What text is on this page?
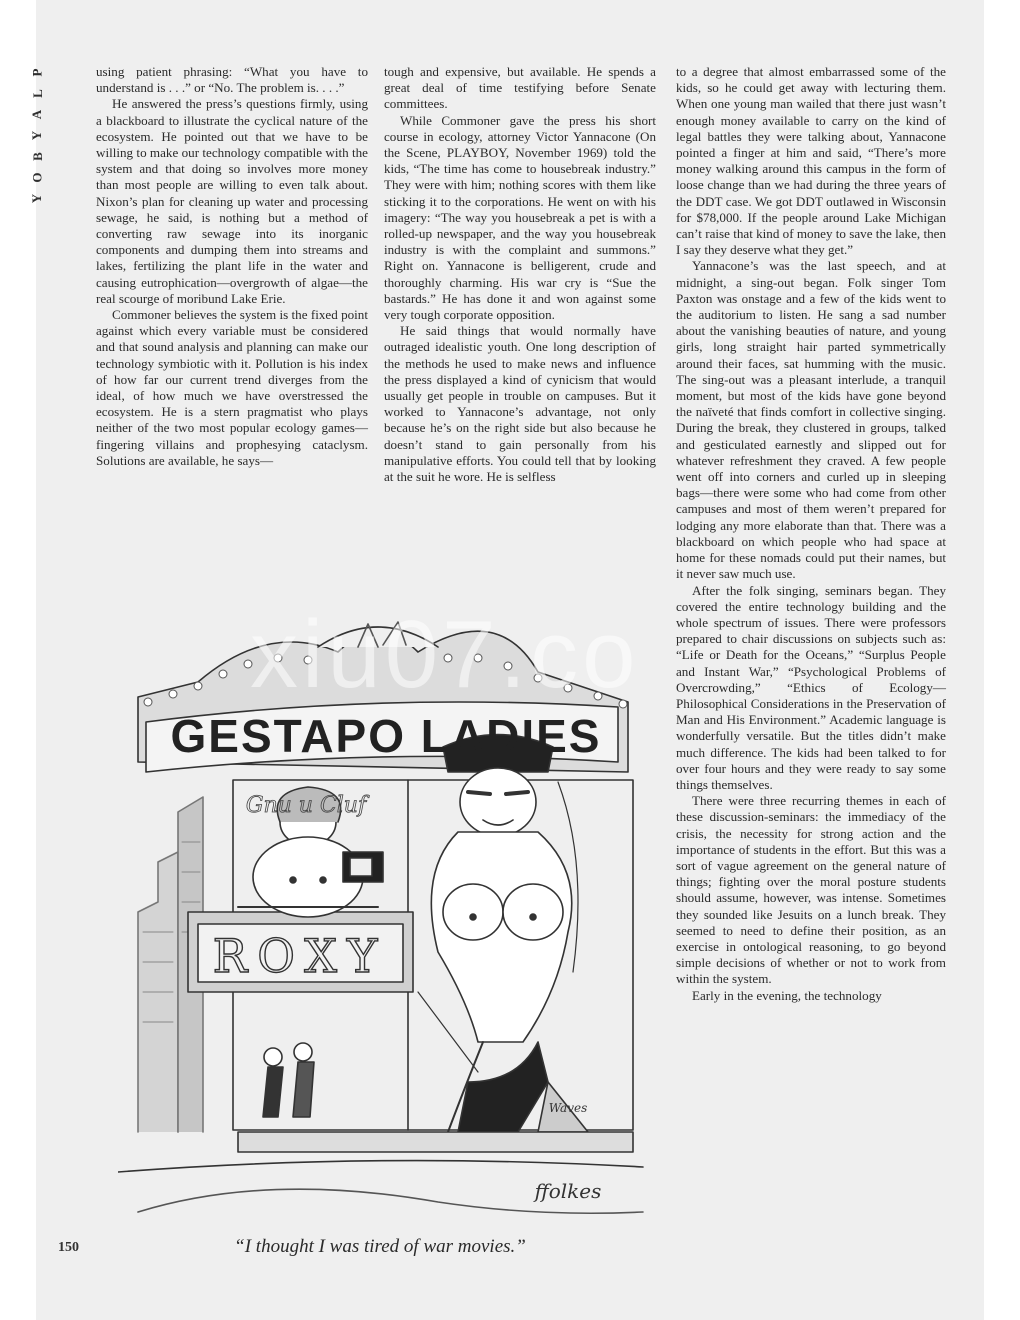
P
L
A
Y
B
O
Y

using patient phrasing: “What you have to understand is . . .” or “No. The problem is. . . .”

He answered the press’s questions firmly, using a blackboard to illustrate the cyclical nature of the ecosystem. He pointed out that we have to be willing to make our technology compatible with the system and that doing so involves more money than most people are willing to even talk about. Nixon’s plan for cleaning up water and processing sewage, he said, is nothing but a method of converting raw sewage into its inorganic components and dumping them into streams and lakes, fertilizing the plant life in the water and causing eutrophication—overgrowth of algae—the real scourge of moribund Lake Erie.

Commoner believes the system is the fixed point against which every variable must be considered and that sound analysis and planning can make our technology symbiotic with it. Pollution is his index of how far our current trend diverges from the ideal, of how much we have overstressed the ecosystem. He is a stern pragmatist who plays neither of the two most popular ecology games—fingering villains and prophesying cataclysm. Solutions are available, he says—

tough and expensive, but available. He spends a great deal of time testifying before Senate committees.

While Commoner gave the press his short course in ecology, attorney Victor Yannacone (On the Scene, PLAYBOY, November 1969) told the kids, “The time has come to housebreak industry.” They were with him; nothing scores with them like sticking it to the corporations. He went on with his imagery: “The way you housebreak a pet is with a rolled-up newspaper, and the way you housebreak industry is with the complaint and summons.” Right on. Yannacone is belligerent, crude and thoroughly charming. His war cry is “Sue the bastards.” He has done it and won against some very tough corporate opposition.

He said things that would normally have outraged idealistic youth. One long description of the methods he used to make news and influence the press displayed a kind of cynicism that would usually get people in trouble on campuses. But it worked to Yannacone’s advantage, not only because he’s on the right side but also because he doesn’t stand to gain personally from his manipulative efforts. You could tell that by looking at the suit he wore. He is selfless

to a degree that almost embarrassed some of the kids, so he could get away with lecturing them. When one young man wailed that there just wasn’t enough money available to carry on the kind of legal battles they were talking about, Yannacone pointed a finger at him and said, “There’s more money walking around this campus in the form of loose change than we had during the three years of the DDT case. We got DDT outlawed in Wisconsin for $78,000. If the people around Lake Michigan can’t raise that kind of money to save the lake, then I say they deserve what they get.”

Yannacone’s was the last speech, and at midnight, a sing-out began. Folk singer Tom Paxton was onstage and a few of the kids went to the auditorium to listen. He sang a sad number about the vanishing beauties of nature, and young girls, long straight hair parted symmetrically around their faces, sat humming with the music. The sing-out was a pleasant interlude, a tranquil moment, but most of the kids have gone beyond the naïveté that finds comfort in collective singing. During the break, they clustered in groups, talked and gesticulated earnestly and slipped out for whatever refreshment they craved. A few people went off into corners and curled up in sleeping bags—there were some who had come from other campuses and most of them weren’t prepared for lodging any more elaborate than that. There was a blackboard on which people who had space at home for these nomads could put their names, but it never saw much use.

After the folk singing, seminars began. They covered the entire technology building and the whole spectrum of issues. There were professors prepared to chair discussions on subjects such as: “Life or Death for the Oceans,” “Surplus People and Instant War,” “Psychological Problems of Overcrowding,” “Ethics of Ecology—Philosophical Considerations in the Preservation of Man and His Environment.” Academic language is wonderfully versatile. But the titles didn’t make much difference. The kids had been talked to for over four hours and they were ready to say some things themselves.

There were three recurring themes in each of these discussion-seminars: the immediacy of the crisis, the necessity for strong action and the importance of students in the effort. But this was a sort of vague agreement on the general nature of things; fighting over the moral posture students should assume, however, was intense. Sometimes they sounded like Jesuits on a lunch break. They seemed to need to define their position, as an exercise in ontological reasoning, to go beyond simple decisions of whether or not to work from within the system.

Early in the evening, the technology

GESTAPO LADIES
ROXY
Gnu u Cluf
Waves
ffolkes
xiu07.co
150	“I thought I was tired of war movies.”
